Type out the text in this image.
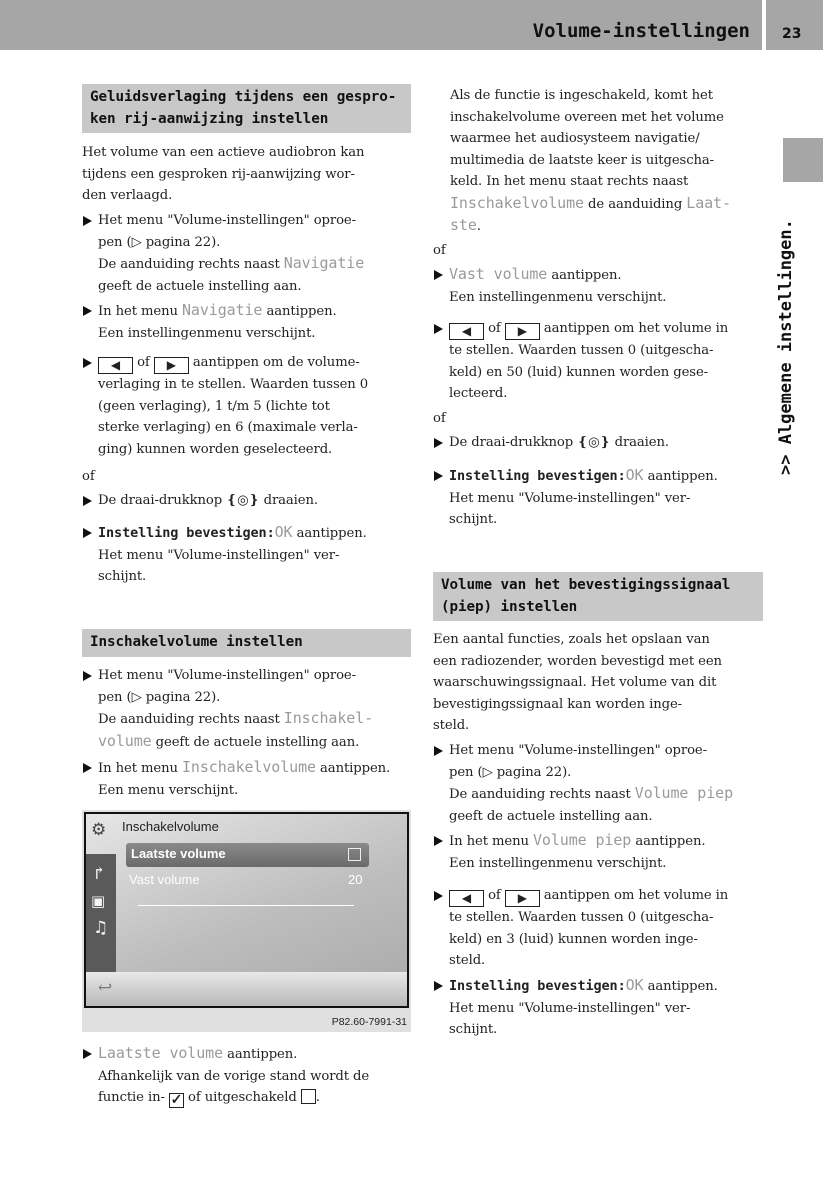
Volume-instellingen 23
>> Algemene instellingen.
Geluidsverlaging tijdens een gespro-
ken rij-aanwijzing instellen
Het volume van een actieve audiobron kan
tijdens een gesproken rij-aanwijzing wor-
den verlaagd.
Het menu "Volume-instellingen" oproe-
pen (▷ pagina 22).
De aanduiding rechts naast Navigatie
geeft de actuele instelling aan.
In het menu Navigatie aantippen.
Een instellingenmenu verschijnt.
◀ of ▶ aantippen om de volume-
verlaging in te stellen. Waarden tussen 0
(geen verlaging), 1 t/m 5 (lichte tot
sterke verlaging) en 6 (maximale verla-
ging) kunnen worden geselecteerd.
of
De draai-drukknop ❴◎❵ draaien.
Instelling bevestigen:OK aantippen.
Het menu "Volume-instellingen" ver-
schijnt.
Inschakelvolume instellen
Het menu "Volume-instellingen" oproe-
pen (▷ pagina 22).
De aanduiding rechts naast Inschakel-
volume geeft de actuele instelling aan.
In het menu Inschakelvolume aantippen.
Een menu verschijnt.
Laatste volume aantippen.
Afhankelijk van de vorige stand wordt de
functie in- ✓ of uitgeschakeld .
Als de functie is ingeschakeld, komt het
inschakelvolume overeen met het volume
waarmee het audiosysteem navigatie/
multimedia de laatste keer is uitgescha-
keld. In het menu staat rechts naast
Inschakelvolume de aanduiding Laat-
ste.
of
Vast volume aantippen.
Een instellingenmenu verschijnt.
◀ of ▶ aantippen om het volume in
te stellen. Waarden tussen 0 (uitgescha-
keld) en 50 (luid) kunnen worden gese-
lecteerd.
of
De draai-drukknop ❴◎❵ draaien.
Instelling bevestigen:OK aantippen.
Het menu "Volume-instellingen" ver-
schijnt.
Volume van het bevestigingssignaal
(piep) instellen
Een aantal functies, zoals het opslaan van
een radiozender, worden bevestigd met een
waarschuwingssignaal. Het volume van dit
bevestigingssignaal kan worden inge-
steld.
Het menu "Volume-instellingen" oproe-
pen (▷ pagina 22).
De aanduiding rechts naast Volume piep
geeft de actuele instelling aan.
In het menu Volume piep aantippen.
Een instellingenmenu verschijnt.
◀ of ▶ aantippen om het volume in
te stellen. Waarden tussen 0 (uitgescha-
keld) en 3 (luid) kunnen worden inge-
steld.
Instelling bevestigen:OK aantippen.
Het menu "Volume-instellingen" ver-
schijnt.
⚙
↱
▣
♫
Inschakelvolume
Laatste volume
Vast volume	20
↩
P82.60-7991-31
